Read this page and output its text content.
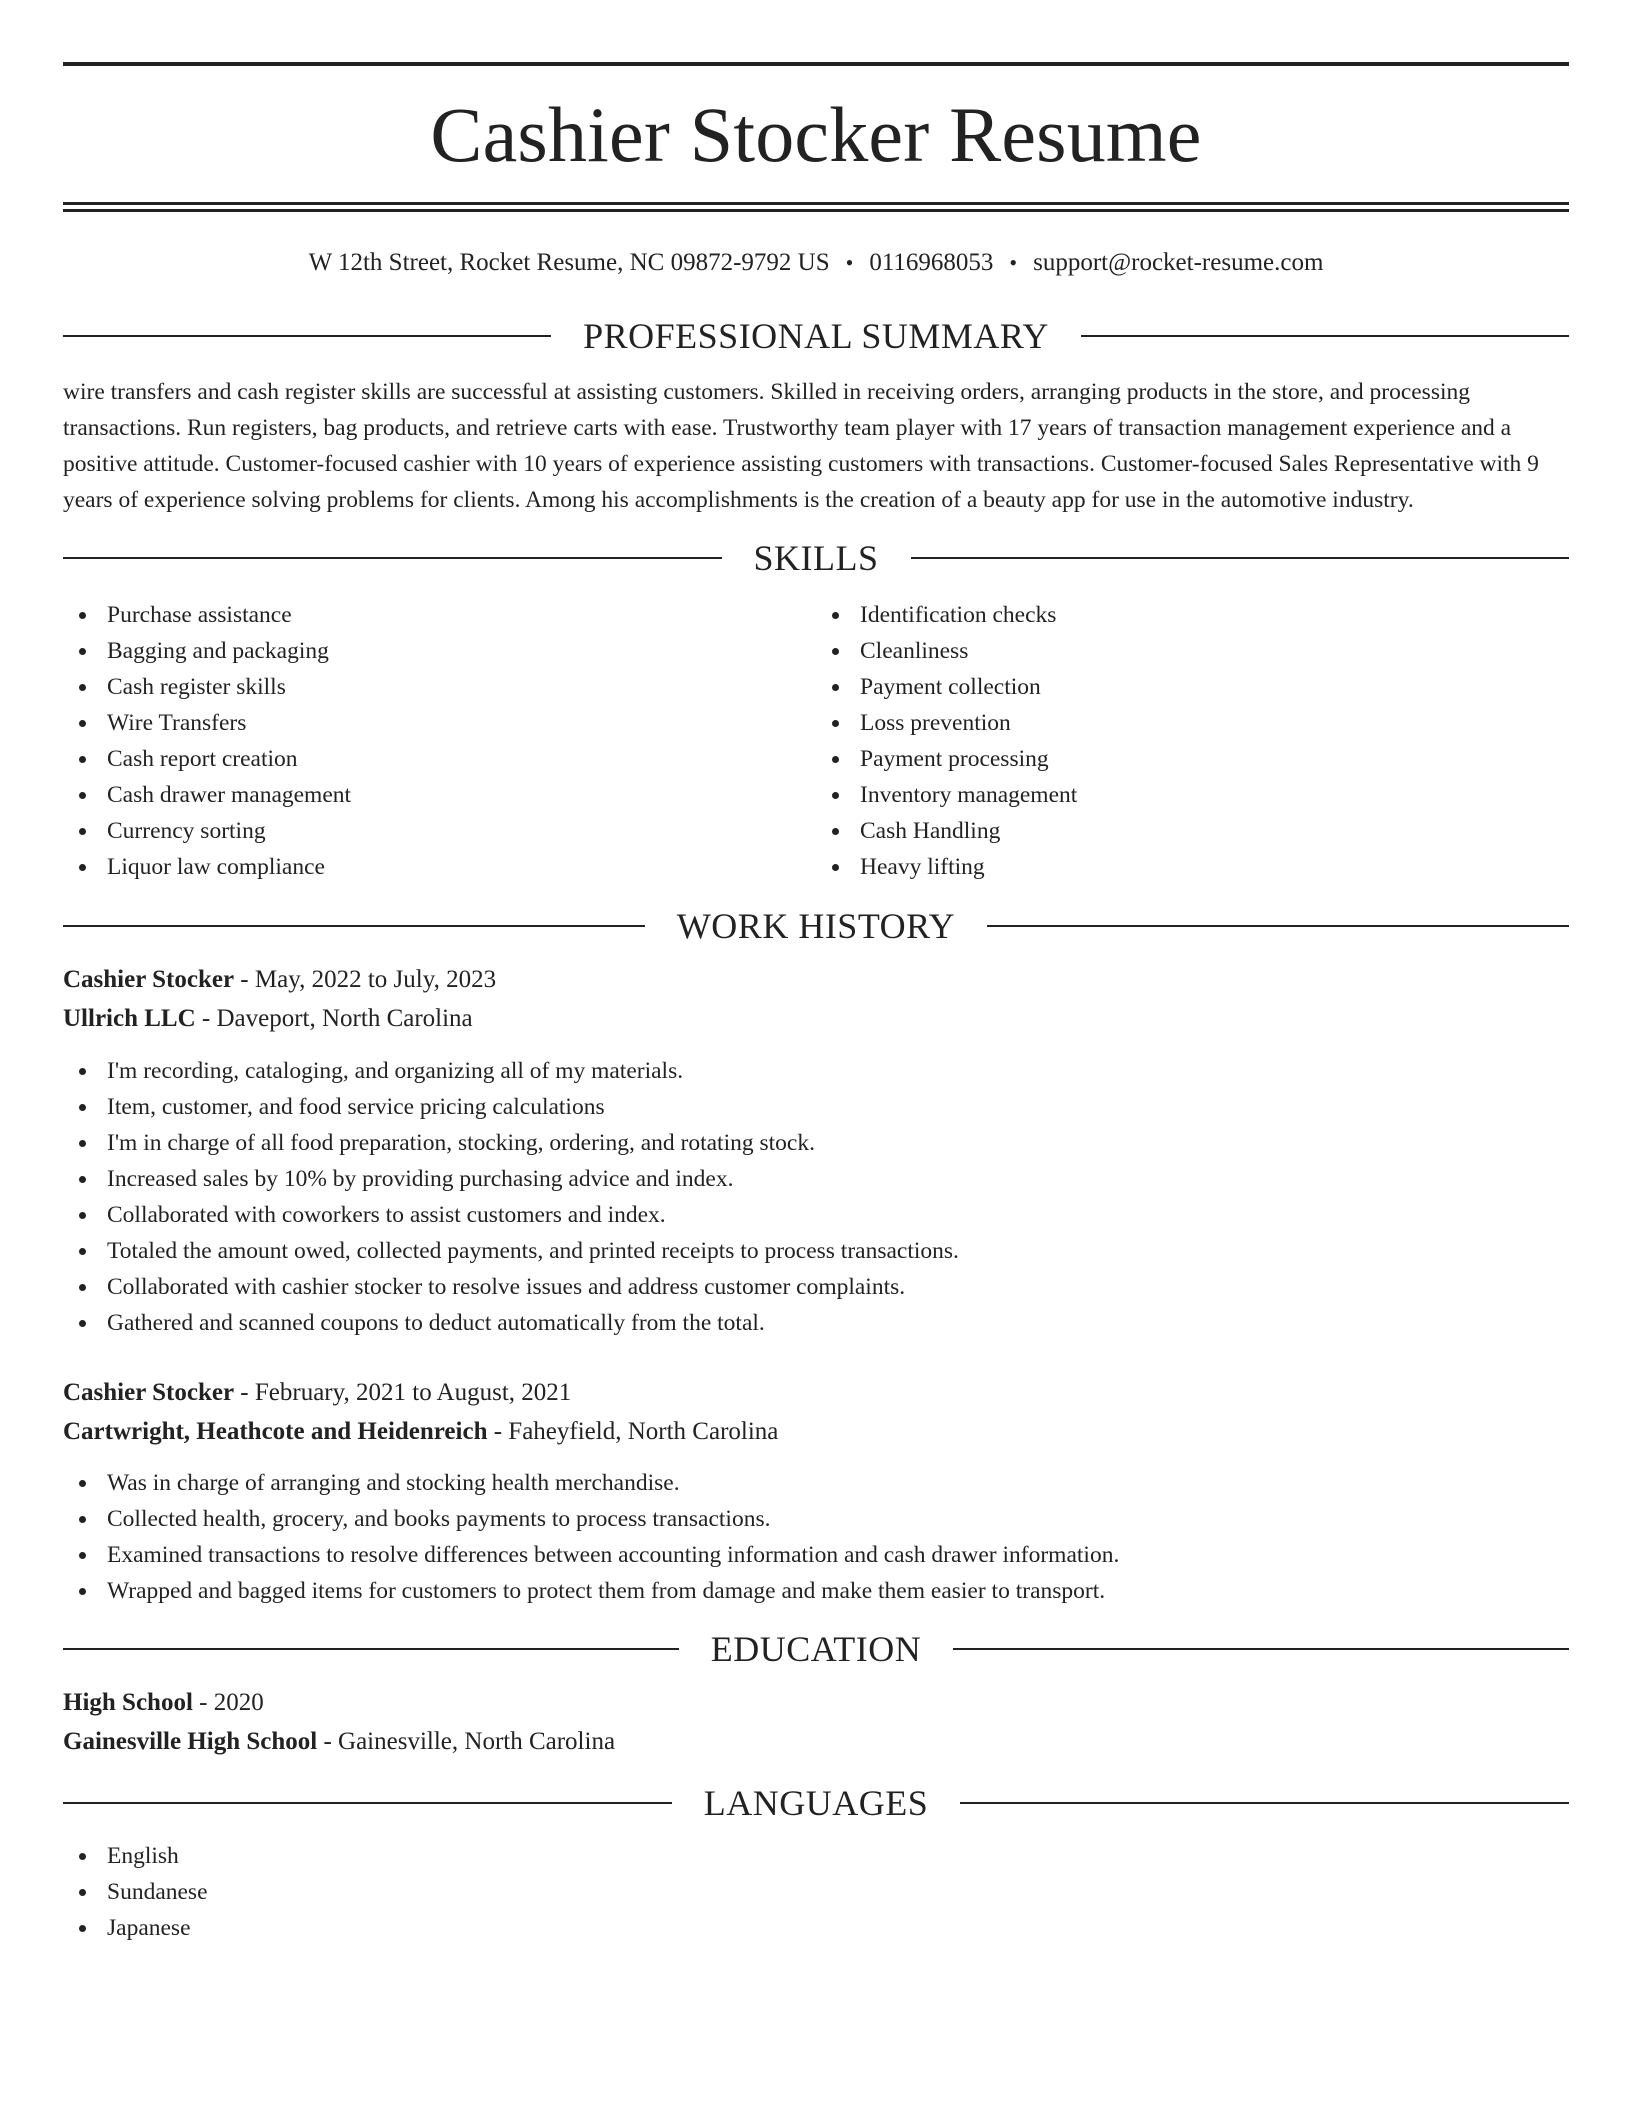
Cashier Stocker Resume
W 12th Street, Rocket Resume, NC 09872-9792 US • 0116968053 • support@rocket-resume.com
PROFESSIONAL SUMMARY

wire transfers and cash register skills are successful at assisting customers. Skilled in receiving orders, arranging products in the store, and processing transactions. Run registers, bag products, and retrieve carts with ease. Trustworthy team player with 17 years of transaction management experience and a positive attitude. Customer-focused cashier with 10 years of experience assisting customers with transactions. Customer-focused Sales Representative with 9 years of experience solving problems for clients. Among his accomplishments is the creation of a beauty app for use in the automotive industry.

SKILLS
Purchase assistance
Bagging and packaging
Cash register skills
Wire Transfers
Cash report creation
Cash drawer management
Currency sorting
Liquor law compliance
Identification checks
Cleanliness
Payment collection
Loss prevention
Payment processing
Inventory management
Cash Handling
Heavy lifting
WORK HISTORY
Cashier Stocker - May, 2022 to July, 2023
Ullrich LLC - Daveport, North Carolina
I'm recording, cataloging, and organizing all of my materials.
Item, customer, and food service pricing calculations
I'm in charge of all food preparation, stocking, ordering, and rotating stock.
Increased sales by 10% by providing purchasing advice and index.
Collaborated with coworkers to assist customers and index.
Totaled the amount owed, collected payments, and printed receipts to process transactions.
Collaborated with cashier stocker to resolve issues and address customer complaints.
Gathered and scanned coupons to deduct automatically from the total.
Cashier Stocker - February, 2021 to August, 2021
Cartwright, Heathcote and Heidenreich - Faheyfield, North Carolina
Was in charge of arranging and stocking health merchandise.
Collected health, grocery, and books payments to process transactions.
Examined transactions to resolve differences between accounting information and cash drawer information.
Wrapped and bagged items for customers to protect them from damage and make them easier to transport.
EDUCATION
High School - 2020
Gainesville High School - Gainesville, North Carolina
LANGUAGES
English
Sundanese
Japanese
